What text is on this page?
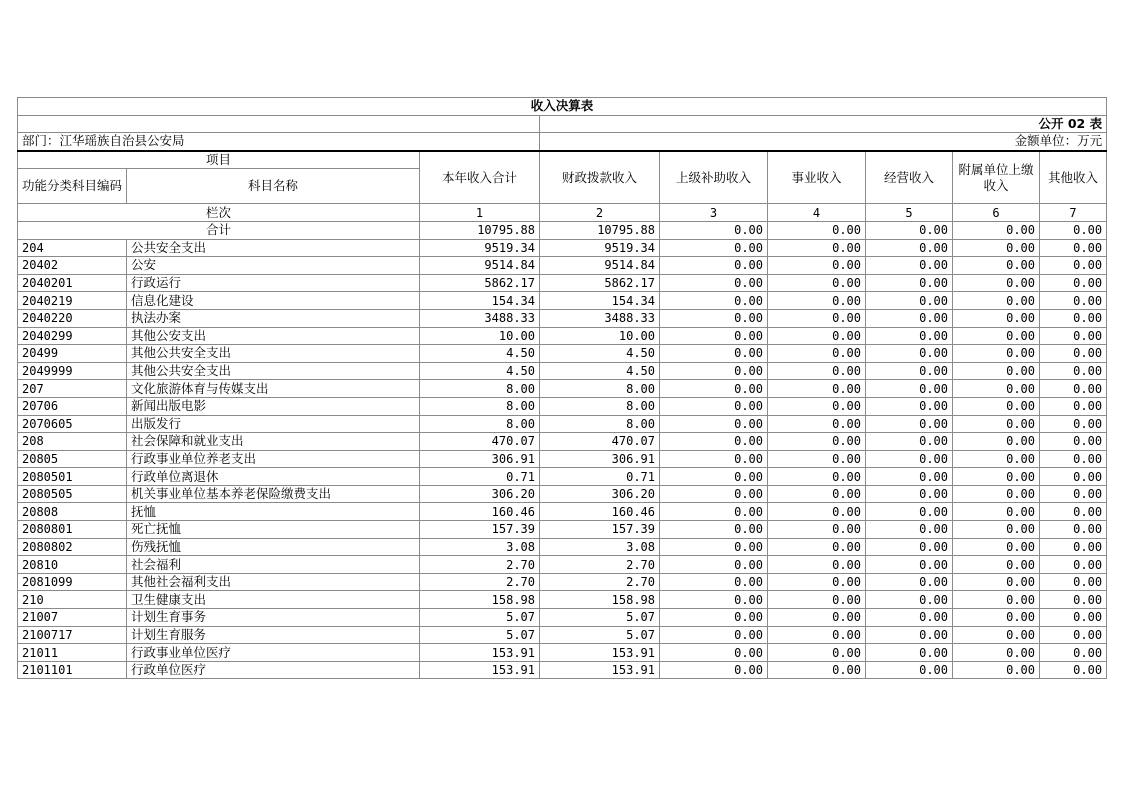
收入决算表								
			公开 02 表					
部门：江华瑶族自治县公安局			金额单位：万元					
项目		本年收入合计	财政拨款收入	上级补助收入	事业收入	经营收入	附属单位上缴收入	其他收入
功能分类科目编码	科目名称							
栏次		1	2	3	4	5	6	7
合计		10795.88	10795.88	0.00	0.00	0.00	0.00	0.00
204	公共安全支出	9519.34	9519.34	0.00	0.00	0.00	0.00	0.00
20402	公安	9514.84	9514.84	0.00	0.00	0.00	0.00	0.00
2040201	行政运行	5862.17	5862.17	0.00	0.00	0.00	0.00	0.00
2040219	信息化建设	154.34	154.34	0.00	0.00	0.00	0.00	0.00
2040220	执法办案	3488.33	3488.33	0.00	0.00	0.00	0.00	0.00
2040299	其他公安支出	10.00	10.00	0.00	0.00	0.00	0.00	0.00
20499	其他公共安全支出	4.50	4.50	0.00	0.00	0.00	0.00	0.00
2049999	其他公共安全支出	4.50	4.50	0.00	0.00	0.00	0.00	0.00
207	文化旅游体育与传媒支出	8.00	8.00	0.00	0.00	0.00	0.00	0.00
20706	新闻出版电影	8.00	8.00	0.00	0.00	0.00	0.00	0.00
2070605	出版发行	8.00	8.00	0.00	0.00	0.00	0.00	0.00
208	社会保障和就业支出	470.07	470.07	0.00	0.00	0.00	0.00	0.00
20805	行政事业单位养老支出	306.91	306.91	0.00	0.00	0.00	0.00	0.00
2080501	行政单位离退休	0.71	0.71	0.00	0.00	0.00	0.00	0.00
2080505	机关事业单位基本养老保险缴费支出	306.20	306.20	0.00	0.00	0.00	0.00	0.00
20808	抚恤	160.46	160.46	0.00	0.00	0.00	0.00	0.00
2080801	死亡抚恤	157.39	157.39	0.00	0.00	0.00	0.00	0.00
2080802	伤残抚恤	3.08	3.08	0.00	0.00	0.00	0.00	0.00
20810	社会福利	2.70	2.70	0.00	0.00	0.00	0.00	0.00
2081099	其他社会福利支出	2.70	2.70	0.00	0.00	0.00	0.00	0.00
210	卫生健康支出	158.98	158.98	0.00	0.00	0.00	0.00	0.00
21007	计划生育事务	5.07	5.07	0.00	0.00	0.00	0.00	0.00
2100717	计划生育服务	5.07	5.07	0.00	0.00	0.00	0.00	0.00
21011	行政事业单位医疗	153.91	153.91	0.00	0.00	0.00	0.00	0.00
2101101	行政单位医疗	153.91	153.91	0.00	0.00	0.00	0.00	0.00
